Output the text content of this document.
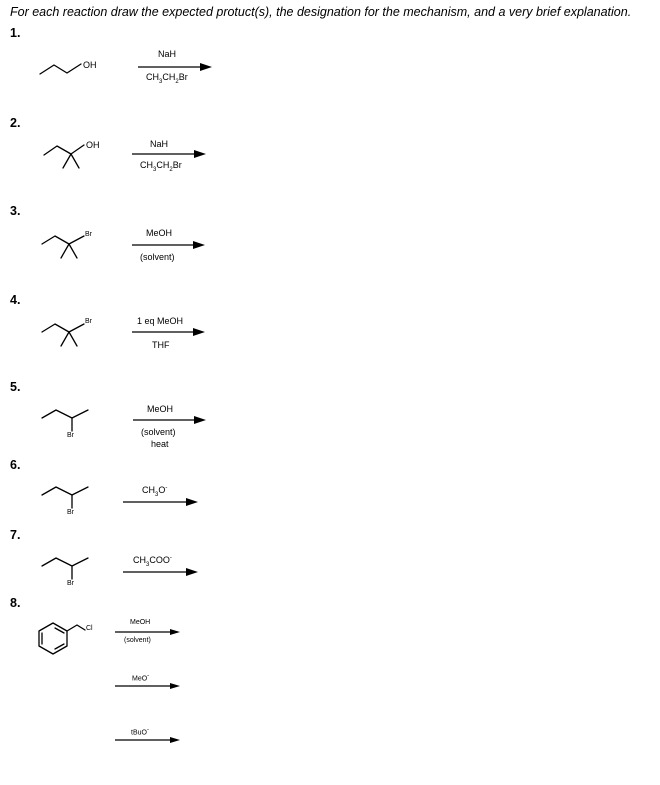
For each reaction draw the expected protuct(s), the designation for the mechanism, and a very brief explanation.
1.
2.
3.
4.
5.
6.
7.
8.
OH
OH
Br
Br
Br
Br
Br
Cl
NaH
$CH_3CH_2Br$
NaH
$CH_3CH_2Br$
MeOH
(solvent)
1 eq MeOH
THF
MeOH
(solvent)
heat
$CH_3O^-$
$CH_3COO^-$
MeOH
(solvent)
MeO-
tBuO-
